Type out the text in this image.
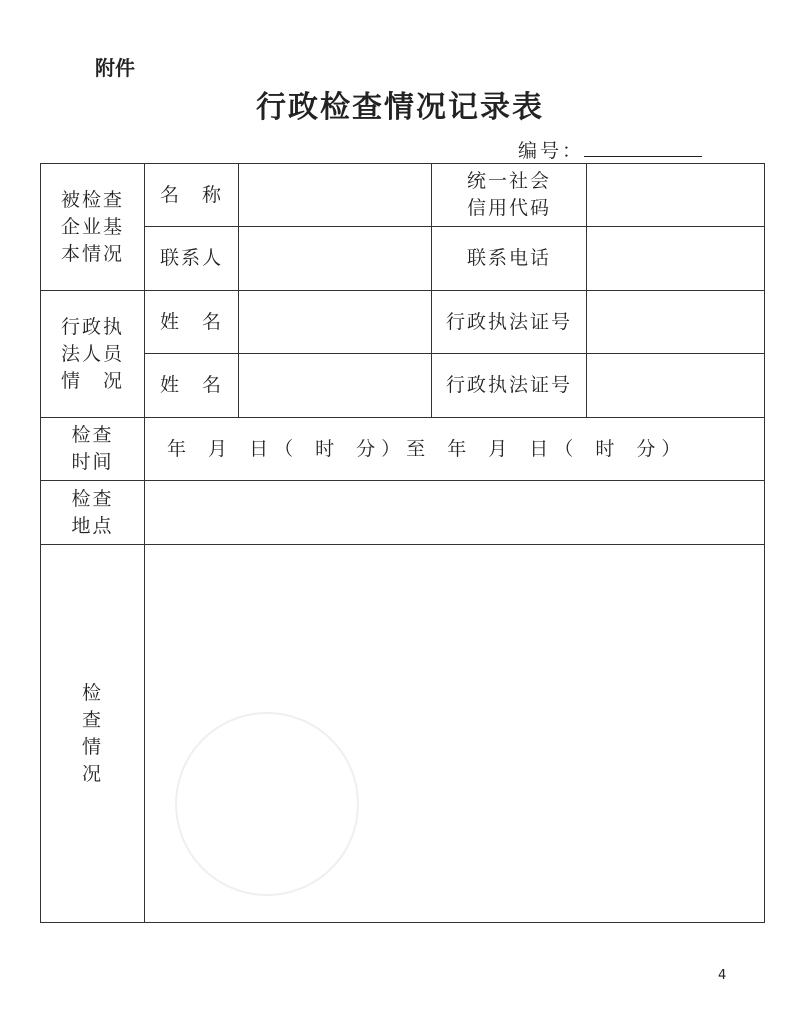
附件
行政检查情况记录表
编号：
被检查
企业基
本情况	名　称		统一社会
信用代码	
	联系人		联系电话	
行政执
法人员
情　况	姓　名		行政执法证号	
	姓　名		行政执法证号	
检查
时间	年 月 日（ 时 分）至 年 月 日（ 时 分）			
检查
地点				
检
查
情
况				
4
